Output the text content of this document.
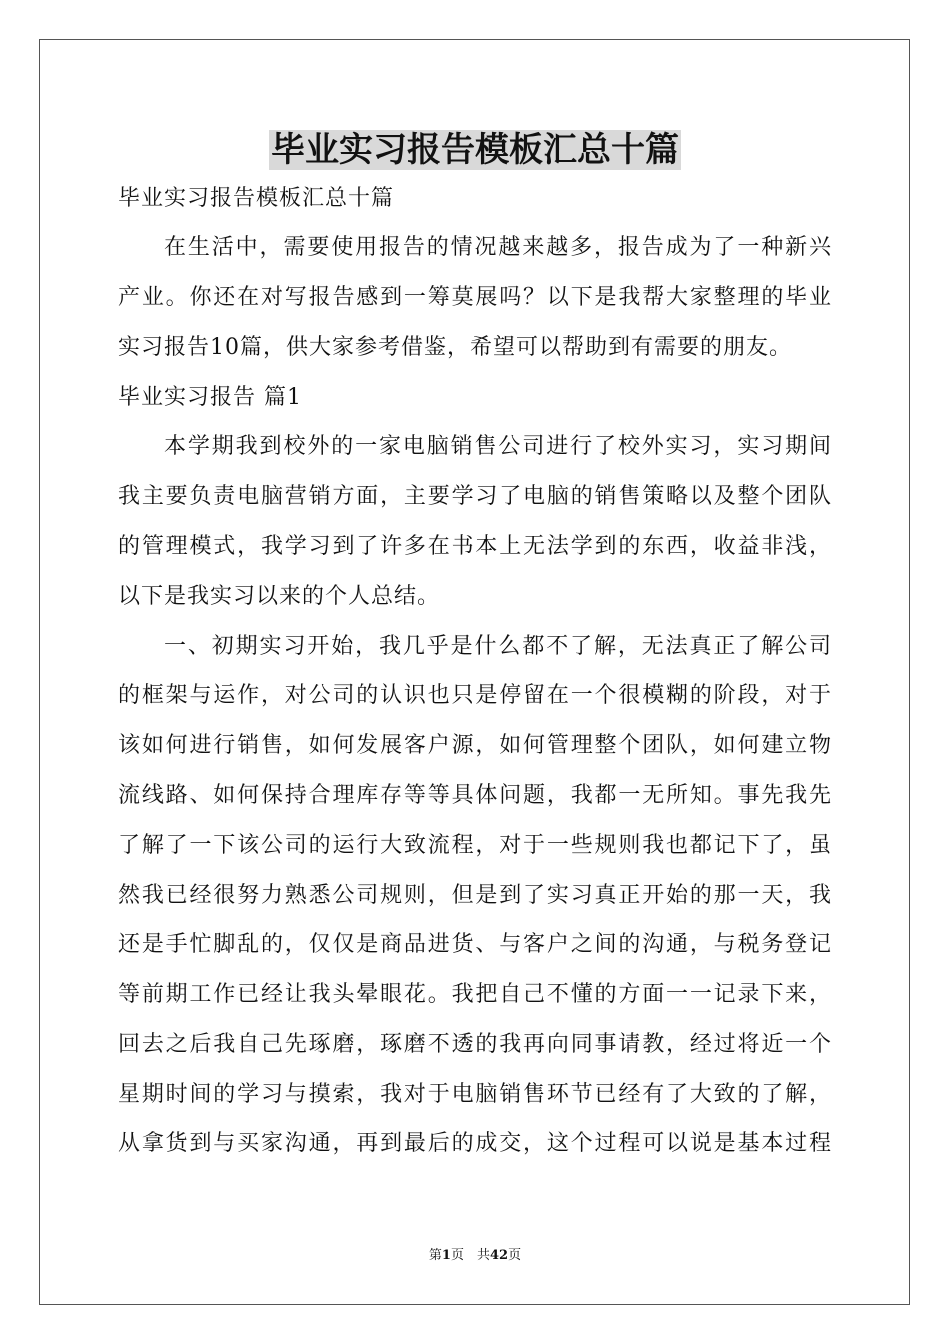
毕业实习报告模板汇总十篇
毕业实习报告模板汇总十篇
在生活中，需要使用报告的情况越来越多，报告成为了一种新兴
产业。你还在对写报告感到一筹莫展吗？以下是我帮大家整理的毕业
实习报告10篇，供大家参考借鉴，希望可以帮助到有需要的朋友。
毕业实习报告 篇1
本学期我到校外的一家电脑销售公司进行了校外实习，实习期间
我主要负责电脑营销方面，主要学习了电脑的销售策略以及整个团队
的管理模式，我学习到了许多在书本上无法学到的东西，收益非浅，
以下是我实习以来的个人总结。
一、初期实习开始，我几乎是什么都不了解，无法真正了解公司
的框架与运作，对公司的认识也只是停留在一个很模糊的阶段，对于
该如何进行销售，如何发展客户源，如何管理整个团队，如何建立物
流线路、如何保持合理库存等等具体问题，我都一无所知。事先我先
了解了一下该公司的运行大致流程，对于一些规则我也都记下了，虽
然我已经很努力熟悉公司规则，但是到了实习真正开始的那一天，我
还是手忙脚乱的，仅仅是商品进货、与客户之间的沟通，与税务登记
等前期工作已经让我头晕眼花。我把自己不懂的方面一一记录下来，
回去之后我自己先琢磨，琢磨不透的我再向同事请教，经过将近一个
星期时间的学习与摸索，我对于电脑销售环节已经有了大致的了解，
从拿货到与买家沟通，再到最后的成交，这个过程可以说是基本过程
第1页　共42页
